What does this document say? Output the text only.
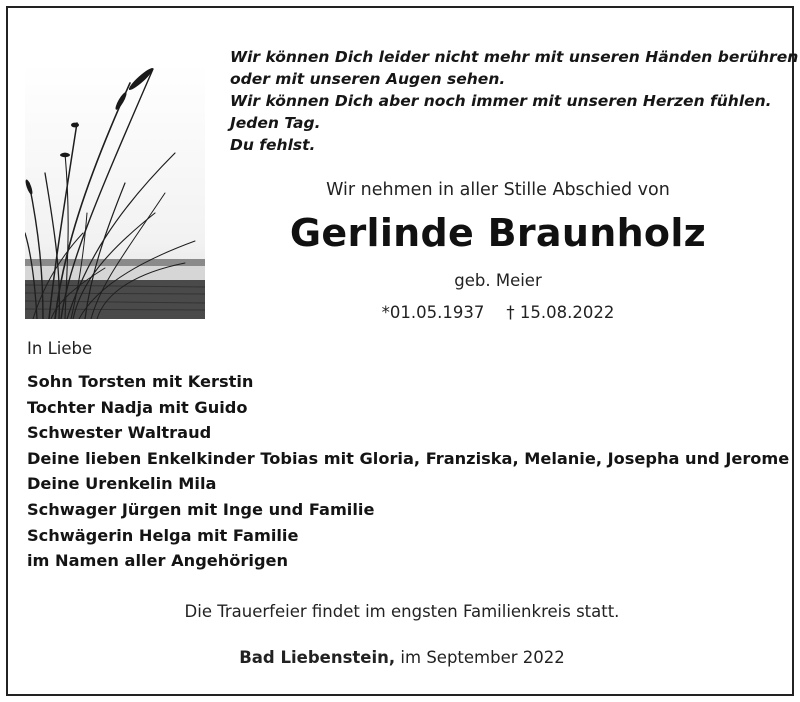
Wir können Dich leider nicht mehr mit unseren Händen berühren
oder mit unseren Augen sehen.
Wir können Dich aber noch immer mit unseren Herzen fühlen.
Jeden Tag.
Du fehlst.
Wir nehmen in aller Stille Abschied von
Gerlinde Braunholz
geb. Meier
*01.05.1937 † 15.08.2022
In Liebe
Sohn Torsten mit Kerstin
Tochter Nadja mit Guido
Schwester Waltraud
Deine lieben Enkelkinder Tobias mit Gloria, Franziska, Melanie, Josepha und Jerome
Deine Urenkelin Mila
Schwager Jürgen mit Inge und Familie
Schwägerin Helga mit Familie
im Namen aller Angehörigen
Die Trauerfeier findet im engsten Familienkreis statt.
Bad Liebenstein, im September 2022
